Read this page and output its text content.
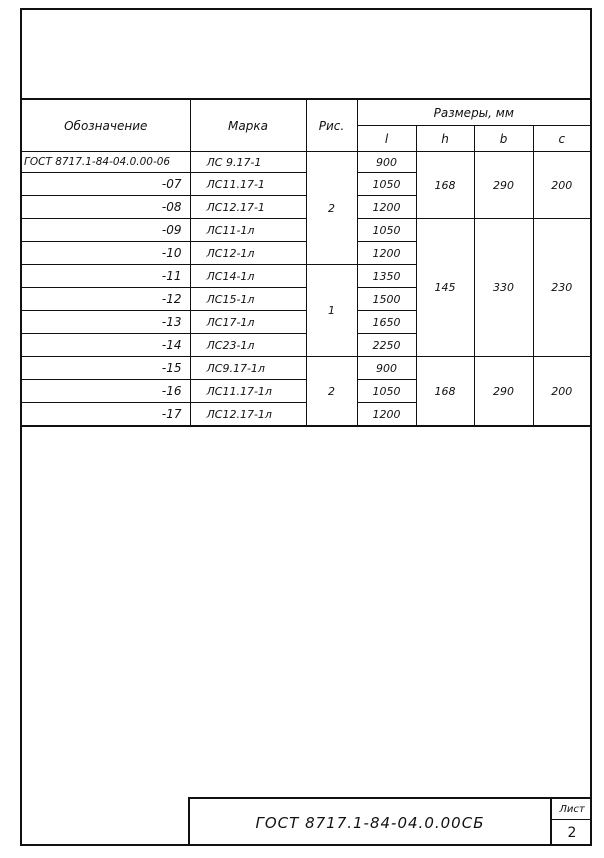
Обозначение	Марка	Рис.	Размеры, мм			
			l	h	b	c
ГОСТ 8717.1-84-04.0.00-06	ЛС 9.17-1	2	900	168	290	200
-07	ЛС11.17-1		1050			
-08	ЛС12.17-1		1200			
-09	ЛС11-1л		1050	145	330	230
-10	ЛС12-1л		1200			
-11	ЛС14-1л	1	1350			
-12	ЛС15-1л		1500			
-13	ЛС17-1л		1650			
-14	ЛС23-1л		2250			
-15	ЛС9.17-1л	2	900	168	290	200
-16	ЛС11.17-1л		1050			
-17	ЛС12.17-1л		1200			
ГОСТ 8717.1-84-04.0.00СБ
Лист
2
